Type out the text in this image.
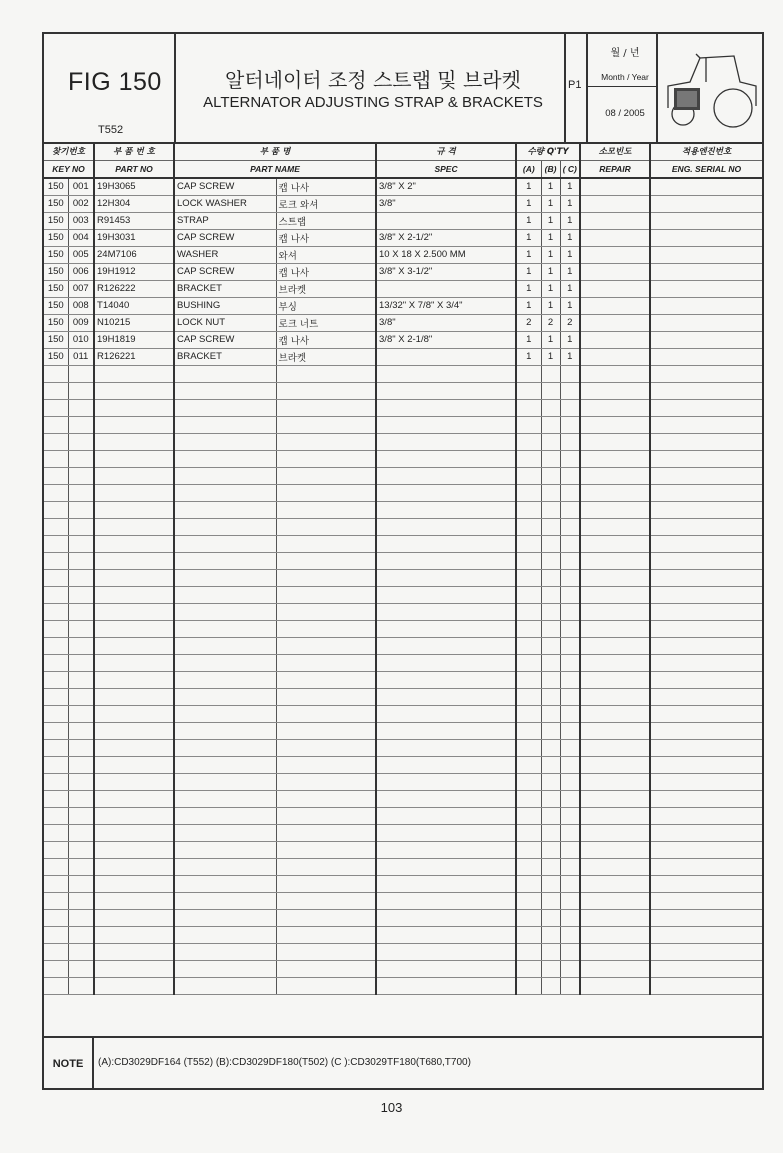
FIG 150
T552
알터네이터 조정 스트랩 및 브라켓
ALTERNATOR ADJUSTING STRAP & BRACKETS
P1
월 / 년
Month / Year
08 / 2005
찾기번호		부 품 번 호	부 품 명		규 격	수량 Q'TY			소모빈도	적용엔진번호
KEY NO		PART NO	PART NAME		SPEC	(A)	(B)	( C)	REPAIR	ENG. SERIAL NO
150	001	19H3065	CAP SCREW	캡 나사	3/8" X 2"	1	1	1		
150	002	12H304	LOCK WASHER	로크 와셔	3/8"	1	1	1		
150	003	R91453	STRAP	스트랩		1	1	1		
150	004	19H3031	CAP SCREW	캡 나사	3/8" X 2-1/2"	1	1	1		
150	005	24M7106	WASHER	와셔	10 X 18 X 2.500 MM	1	1	1		
150	006	19H1912	CAP SCREW	캡 나사	3/8" X 3-1/2"	1	1	1		
150	007	R126222	BRACKET	브라켓		1	1	1		
150	008	T14040	BUSHING	부싱	13/32" X 7/8" X 3/4"	1	1	1		
150	009	N10215	LOCK NUT	로크 너트	3/8"	2	2	2		
150	010	19H1819	CAP SCREW	캡 나사	3/8" X 2-1/8"	1	1	1		
150	011	R126221	BRACKET	브라켓		1	1	1		

NOTE	(A):CD3029DF164 (T552) (B):CD3029DF180(T502) (C ):CD3029TF180(T680,T700)
103
